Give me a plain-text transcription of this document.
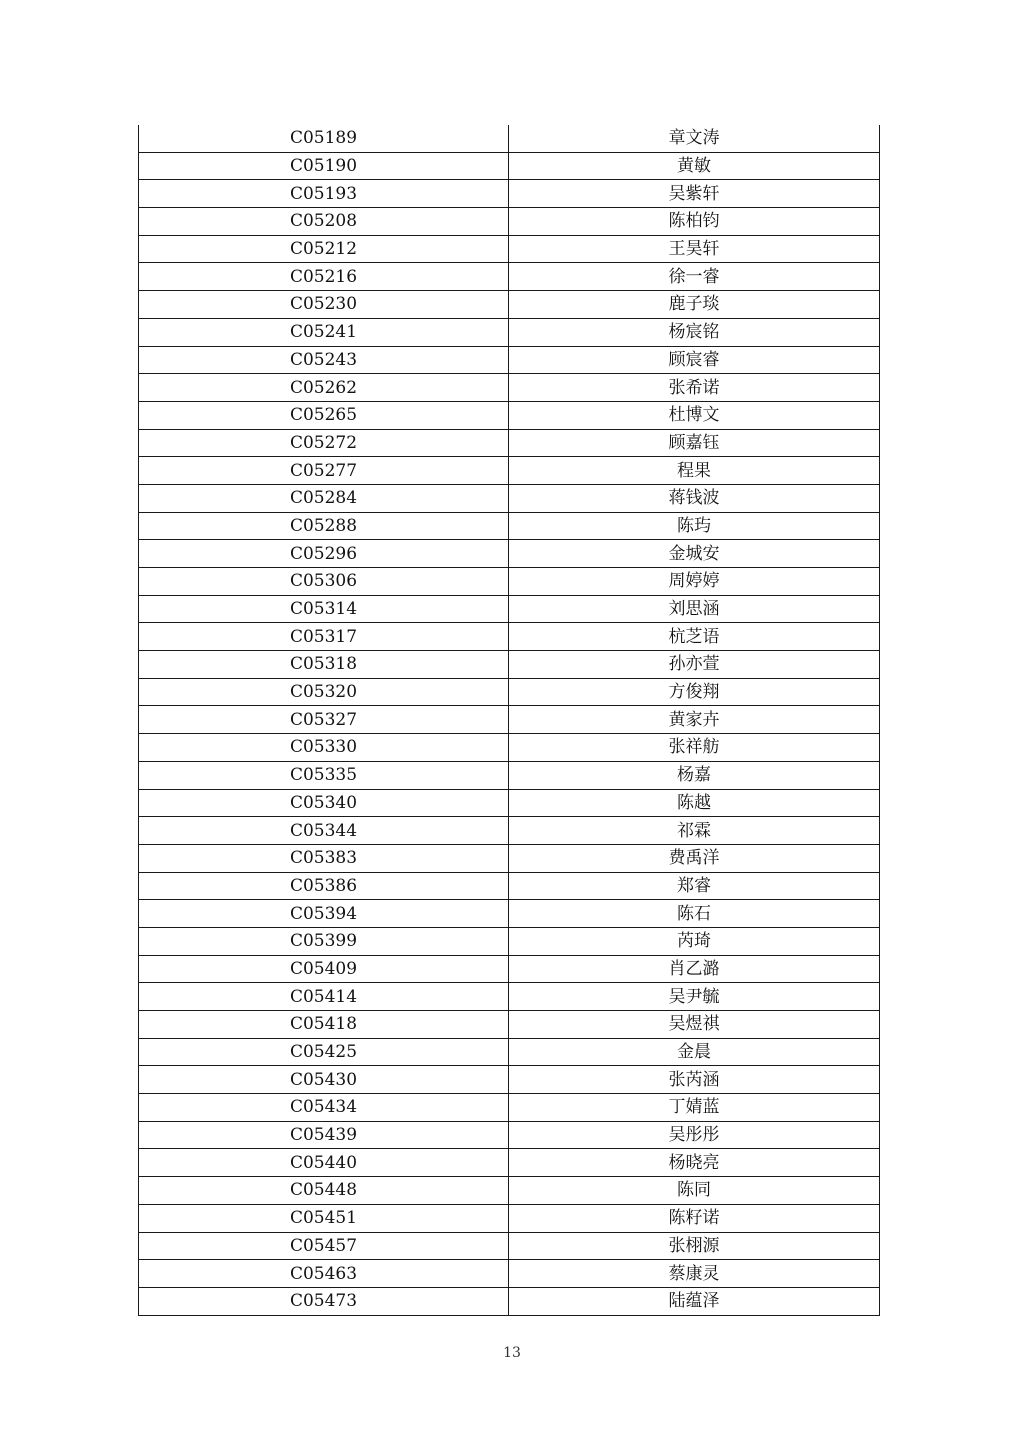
C05189	章文涛
C05190	黄敏
C05193	吴紫轩
C05208	陈柏钧
C05212	王昊轩
C05216	徐一睿
C05230	鹿子琰
C05241	杨宸铭
C05243	顾宸睿
C05262	张希诺
C05265	杜博文
C05272	顾嘉钰
C05277	程果
C05284	蒋钱波
C05288	陈玙
C05296	金城安
C05306	周婷婷
C05314	刘思涵
C05317	杭芝语
C05318	孙亦萱
C05320	方俊翔
C05327	黄家卉
C05330	张祥舫
C05335	杨嘉
C05340	陈越
C05344	祁霖
C05383	费禹洋
C05386	郑睿
C05394	陈石
C05399	芮琦
C05409	肖乙潞
C05414	吴尹毓
C05418	吴煜祺
C05425	金晨
C05430	张芮涵
C05434	丁婧蓝
C05439	吴彤彤
C05440	杨晓亮
C05448	陈同
C05451	陈籽诺
C05457	张栩源
C05463	蔡康灵
C05473	陆蕴泽
13
